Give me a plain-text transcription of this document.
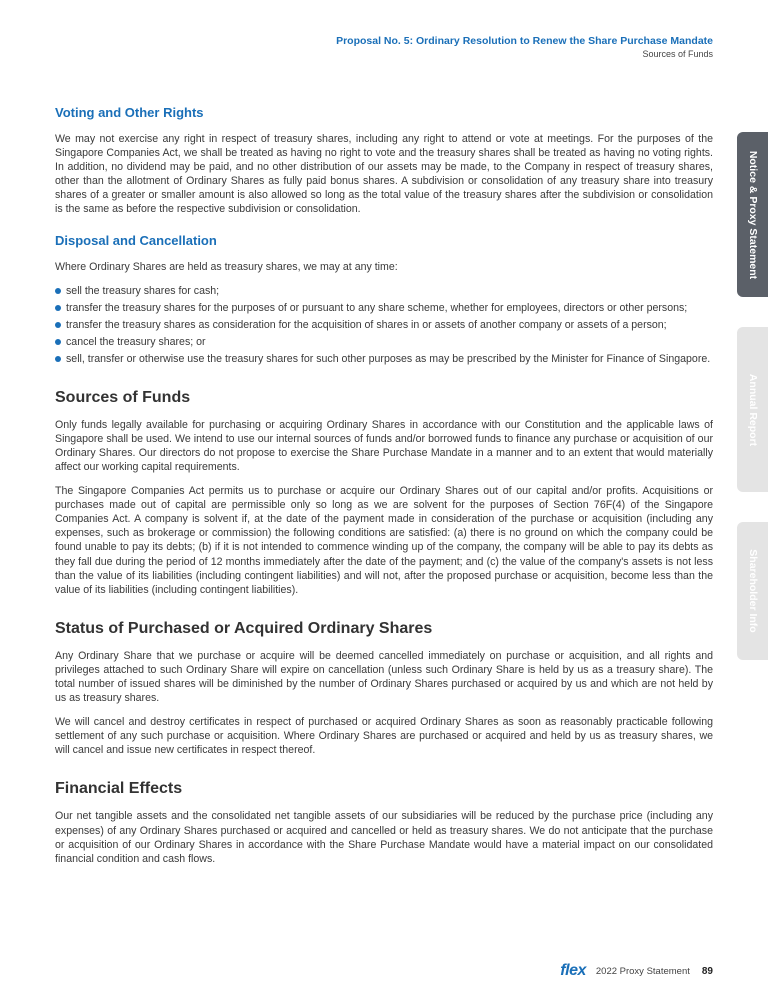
Proposal No. 5: Ordinary Resolution to Renew the Share Purchase Mandate
Sources of Funds
Voting and Other Rights

We may not exercise any right in respect of treasury shares, including any right to attend or vote at meetings. For the purposes of the Singapore Companies Act, we shall be treated as having no right to vote and the treasury shares shall be treated as having no voting rights. In addition, no dividend may be paid, and no other distribution of our assets may be made, to the Company in respect of treasury shares, other than the allotment of Ordinary Shares as fully paid bonus shares. A subdivision or consolidation of any treasury share into treasury shares of a greater or smaller amount is also allowed so long as the total value of the treasury shares after the subdivision or consolidation is the same as before the respective subdivision or consolidation.

Disposal and Cancellation

Where Ordinary Shares are held as treasury shares, we may at any time:

sell the treasury shares for cash;
transfer the treasury shares for the purposes of or pursuant to any share scheme, whether for employees, directors or other persons;
transfer the treasury shares as consideration for the acquisition of shares in or assets of another company or assets of a person;
cancel the treasury shares; or
sell, transfer or otherwise use the treasury shares for such other purposes as may be prescribed by the Minister for Finance of Singapore.
Sources of Funds

Only funds legally available for purchasing or acquiring Ordinary Shares in accordance with our Constitution and the applicable laws of Singapore shall be used. We intend to use our internal sources of funds and/or borrowed funds to finance any purchase or acquisition of our Ordinary Shares. Our directors do not propose to exercise the Share Purchase Mandate in a manner and to an extent that would materially affect our working capital requirements.

The Singapore Companies Act permits us to purchase or acquire our Ordinary Shares out of our capital and/or profits. Acquisitions or purchases made out of capital are permissible only so long as we are solvent for the purposes of Section 76F(4) of the Singapore Companies Act. A company is solvent if, at the date of the payment made in consideration of the purchase or acquisition (including any expenses, such as brokerage or commission) the following conditions are satisfied: (a) there is no ground on which the company could be found unable to pay its debts; (b) if it is not intended to commence winding up of the company, the company will be able to pay its debts as they fall due during the period of 12 months immediately after the date of the payment; and (c) the value of the company's assets is not less than the value of its liabilities (including contingent liabilities) and will not, after the proposed purchase or acquisition, become less than the value of its liabilities (including contingent liabilities).

Status of Purchased or Acquired Ordinary Shares

Any Ordinary Share that we purchase or acquire will be deemed cancelled immediately on purchase or acquisition, and all rights and privileges attached to such Ordinary Share will expire on cancellation (unless such Ordinary Share is held by us as a treasury share). The total number of issued shares will be diminished by the number of Ordinary Shares purchased or acquired by us and which are not held by us as treasury shares.

We will cancel and destroy certificates in respect of purchased or acquired Ordinary Shares as soon as reasonably practicable following settlement of any such purchase or acquisition. Where Ordinary Shares are purchased or acquired and held by us as treasury shares, we will cancel and issue new certificates in respect thereof.

Financial Effects

Our net tangible assets and the consolidated net tangible assets of our subsidiaries will be reduced by the purchase price (including any expenses) of any Ordinary Shares purchased or acquired and cancelled or held as treasury shares. We do not anticipate that the purchase or acquisition of our Ordinary Shares in accordance with the Share Purchase Mandate would have a material impact on our consolidated financial condition and cash flows.

Notice & Proxy Statement
Annual Report
Shareholder Info
flex 2022 Proxy Statement 89
